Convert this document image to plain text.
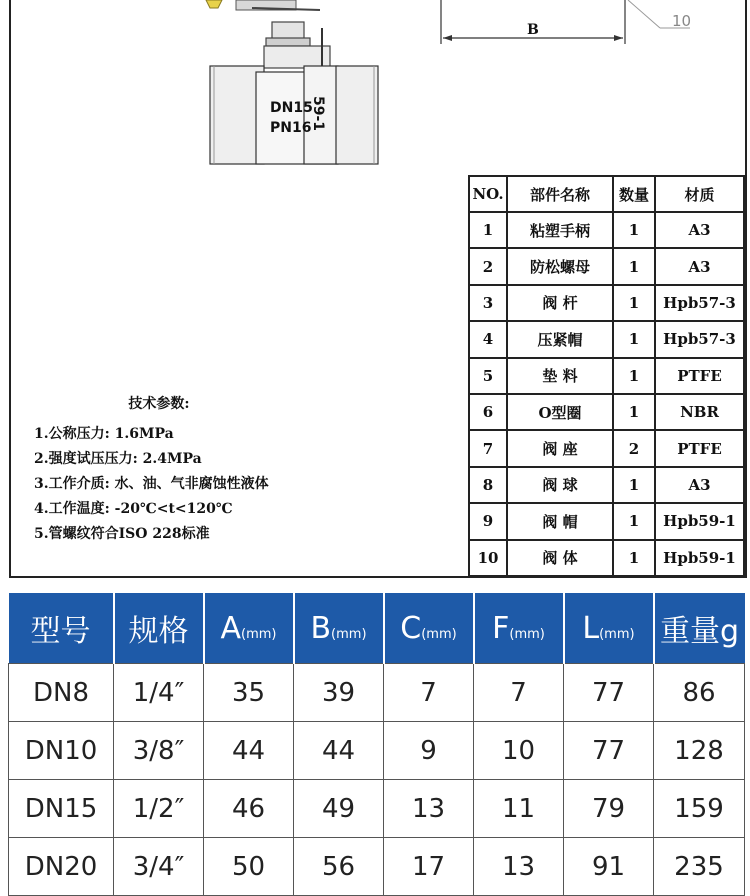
DN15
PN16
59-1
B	10
NO.	部件名称	数量	材质
1	粘塑手柄	1	A3
2	防松螺母	1	A3
3	阀 杆	1	Hpb57-3
4	压紧帽	1	Hpb57-3
5	垫 料	1	PTFE
6	O型圈	1	NBR
7	阀 座	2	PTFE
8	阀 球	1	A3
9	阀 帽	1	Hpb59-1
10	阀 体	1	Hpb59-1
技术参数:
1.公称压力: 1.6MPa
2.强度试压压力: 2.4MPa
3.工作介质: 水、油、气非腐蚀性液体
4.工作温度: -20℃<t<120℃
5.管螺纹符合ISO 228标准
型号	规格	A(mm)	B(mm)	C(mm)	F(mm)	L(mm)	重量g
DN8	1/4″	35	39	7	7	77	86
DN10	3/8″	44	44	9	10	77	128
DN15	1/2″	46	49	13	11	79	159
DN20	3/4″	50	56	17	13	91	235
